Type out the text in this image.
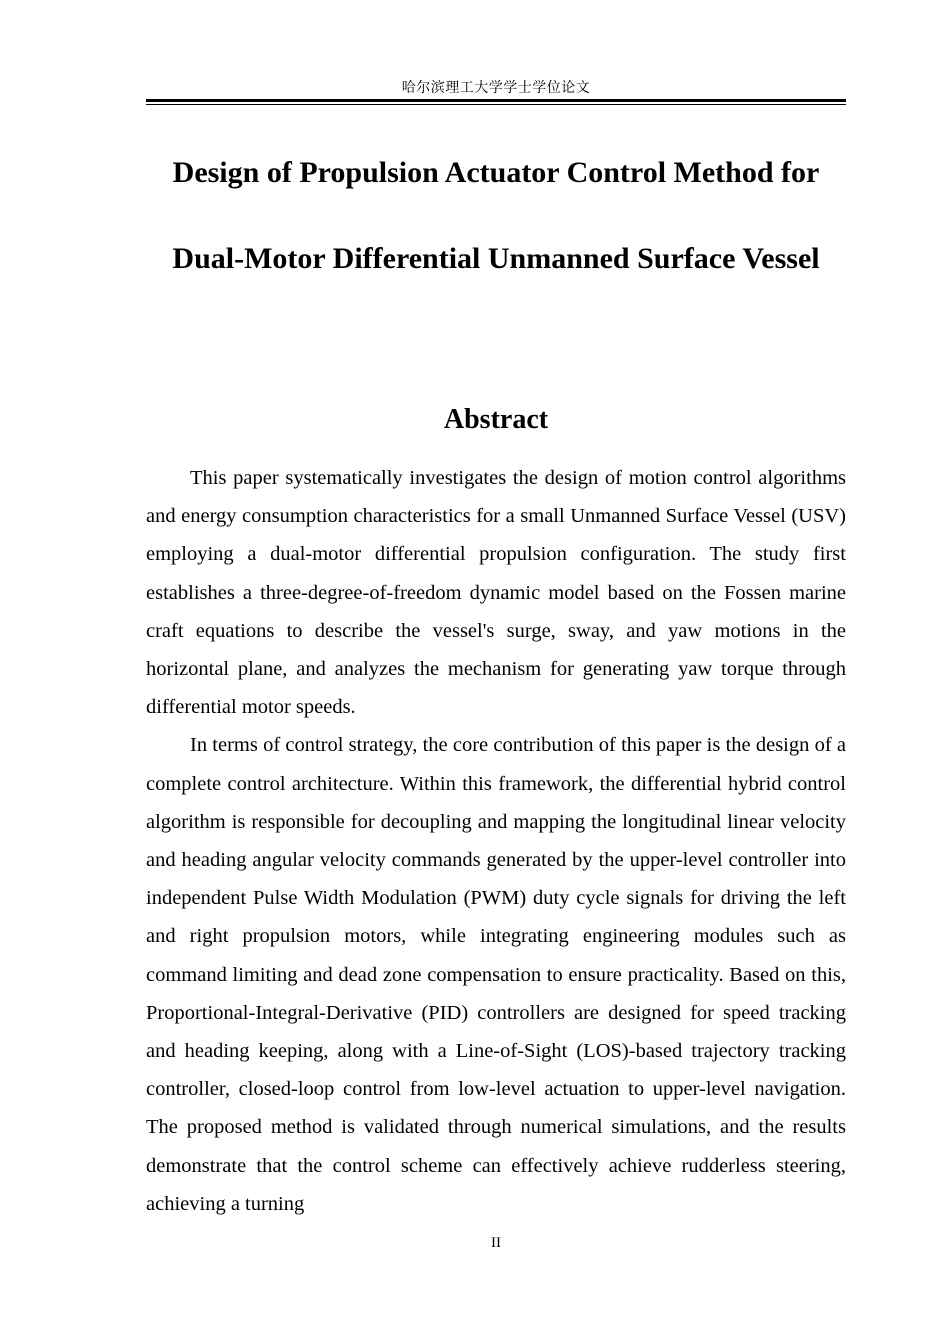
哈尔滨理工大学学士学位论文
Design of Propulsion Actuator Control Method for Dual-Motor Differential Unmanned Surface Vessel
Abstract

This paper systematically investigates the design of motion control algorithms and energy consumption characteristics for a small Unmanned Surface Vessel (USV) employing a dual-motor differential propulsion configuration. The study first establishes a three-degree-of-freedom dynamic model based on the Fossen marine craft equations to describe the vessel's surge, sway, and yaw motions in the horizontal plane, and analyzes the mechanism for generating yaw torque through differential motor speeds.

In terms of control strategy, the core contribution of this paper is the design of a complete control architecture. Within this framework, the differential hybrid control algorithm is responsible for decoupling and mapping the longitudinal linear velocity and heading angular velocity commands generated by the upper-level controller into independent Pulse Width Modulation (PWM) duty cycle signals for driving the left and right propulsion motors, while integrating engineering modules such as command limiting and dead zone compensation to ensure practicality. Based on this, Proportional-Integral-Derivative (PID) controllers are designed for speed tracking and heading keeping, along with a Line-of-Sight (LOS)-based trajectory tracking controller, closed-loop control from low-level actuation to upper-level navigation. The proposed method is validated through numerical simulations, and the results demonstrate that the control scheme can effectively achieve rudderless steering, achieving a turning

II
